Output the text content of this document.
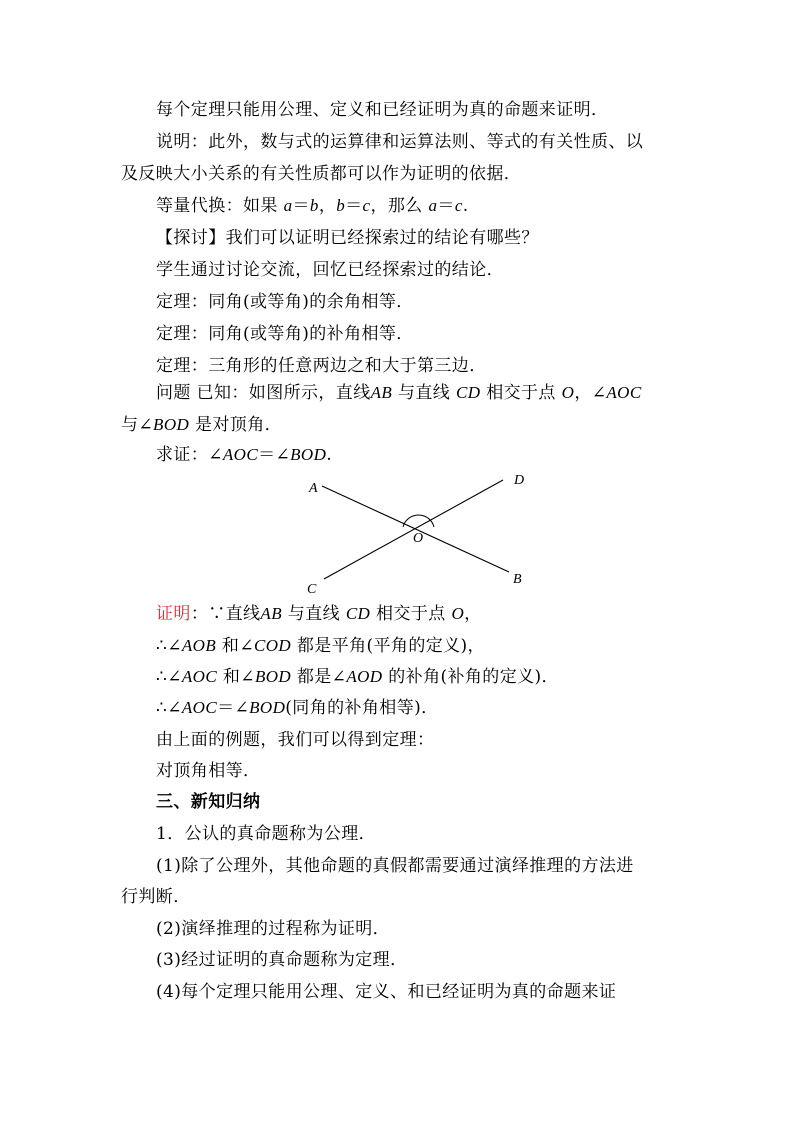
每个定理只能用公理、定义和已经证明为真的命题来证明．
说明：此外，数与式的运算律和运算法则、等式的有关性质、以
及反映大小关系的有关性质都可以作为证明的依据．
等量代换：如果 a＝b，b＝c，那么 a＝c.
【探讨】我们可以证明已经探索过的结论有哪些？
学生通过讨论交流，回忆已经探索过的结论．
定理：同角(或等角)的余角相等．
定理：同角(或等角)的补角相等．
定理：三角形的任意两边之和大于第三边．
问题 已知：如图所示，直线AB 与直线 CD 相交于点 O，∠AOC
与∠BOD 是对顶角．
求证：∠AOC＝∠BOD.
A
B
C
D
O
证明：∵直线AB 与直线 CD 相交于点 O，
∴∠AOB 和∠COD 都是平角(平角的定义)，
∴∠AOC 和∠BOD 都是∠AOD 的补角(补角的定义)．
∴∠AOC＝∠BOD(同角的补角相等)．
由上面的例题，我们可以得到定理：
对顶角相等．
三、新知归纳
1．公认的真命题称为公理．
(1)除了公理外，其他命题的真假都需要通过演绎推理的方法进
行判断．
(2)演绎推理的过程称为证明．
(3)经过证明的真命题称为定理．
(4)每个定理只能用公理、定义、和已经证明为真的命题来证
